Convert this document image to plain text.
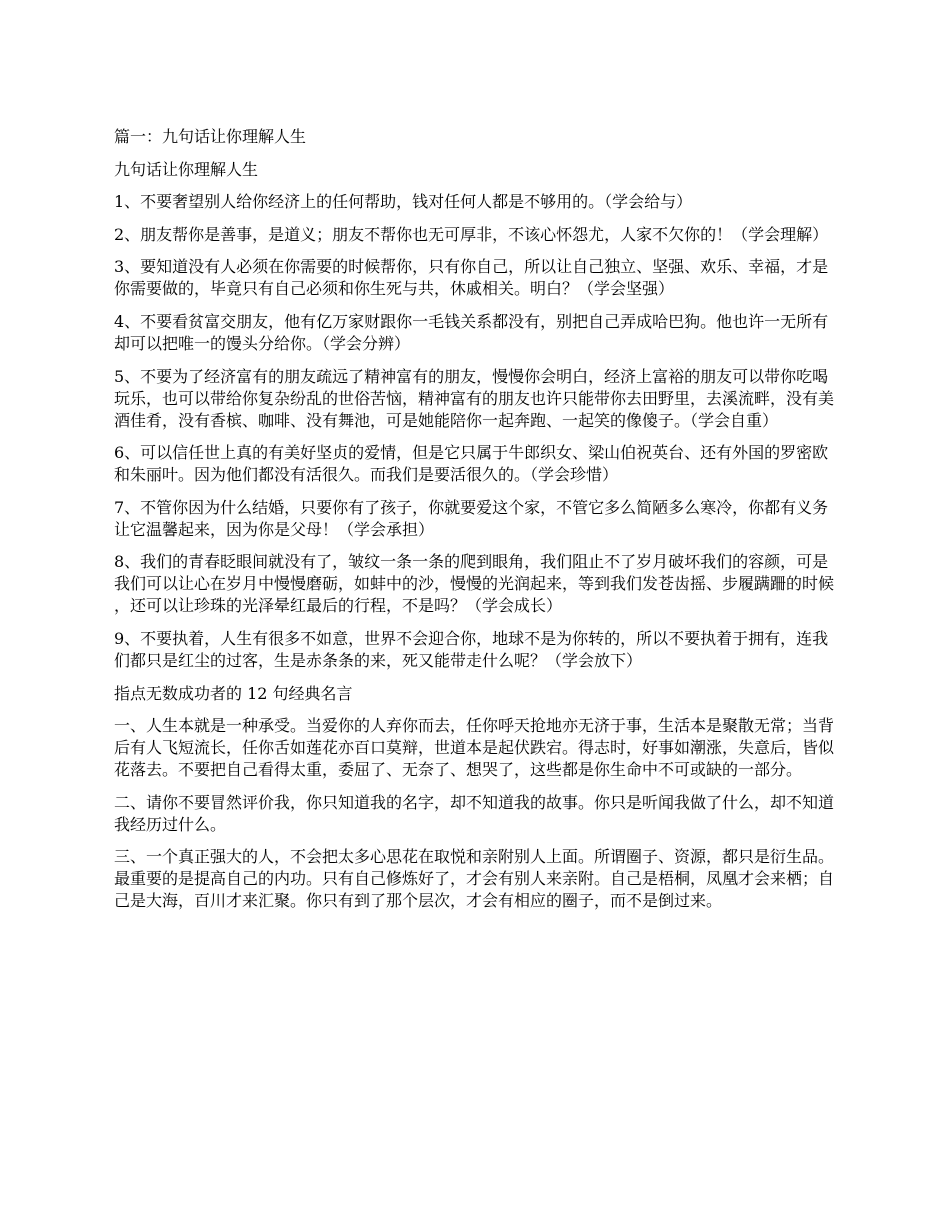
篇一：九句话让你理解人生

九句话让你理解人生

1、不要奢望别人给你经济上的任何帮助，钱对任何人都是不够用的。（学会给与）

2、朋友帮你是善事，是道义；朋友不帮你也无可厚非，不该心怀怨尤，人家不欠你的！（学会理解）

3、要知道没有人必须在你需要的时候帮你，只有你自己，所以让自己独立、坚强、欢乐、幸福，才是你需要做的，毕竟只有自己必须和你生死与共，休戚相关。明白？（学会坚强）

4、不要看贫富交朋友，他有亿万家财跟你一毛钱关系都没有，别把自己弄成哈巴狗。他也许一无所有却可以把唯一的馒头分给你。（学会分辨）

5、不要为了经济富有的朋友疏远了精神富有的朋友，慢慢你会明白，经济上富裕的朋友可以带你吃喝玩乐，也可以带给你复杂纷乱的世俗苦恼，精神富有的朋友也许只能带你去田野里，去溪流畔，没有美酒佳肴，没有香槟、咖啡、没有舞池，可是她能陪你一起奔跑、一起笑的像傻子。（学会自重）

6、可以信任世上真的有美好坚贞的爱情，但是它只属于牛郎织女、梁山伯祝英台、还有外国的罗密欧和朱丽叶。因为他们都没有活很久。而我们是要活很久的。（学会珍惜）

7、不管你因为什么结婚，只要你有了孩子，你就要爱这个家，不管它多么简陋多么寒冷，你都有义务让它温馨起来，因为你是父母！（学会承担）

8、我们的青春眨眼间就没有了，皱纹一条一条的爬到眼角，我们阻止不了岁月破坏我们的容颜，可是我们可以让心在岁月中慢慢磨砺，如蚌中的沙，慢慢的光润起来，等到我们发苍齿摇、步履蹒跚的时候，还可以让珍珠的光泽晕红最后的行程，不是吗？（学会成长）

9、不要执着，人生有很多不如意，世界不会迎合你，地球不是为你转的，所以不要执着于拥有，连我们都只是红尘的过客，生是赤条条的来，死又能带走什么呢？（学会放下）

指点无数成功者的 12 句经典名言

一、人生本就是一种承受。当爱你的人弃你而去，任你呼天抢地亦无济于事，生活本是聚散无常；当背后有人飞短流长，任你舌如莲花亦百口莫辩，世道本是起伏跌宕。得志时，好事如潮涨，失意后，皆似花落去。不要把自己看得太重，委屈了、无奈了、想哭了，这些都是你生命中不可或缺的一部分。

二、请你不要冒然评价我，你只知道我的名字，却不知道我的故事。你只是听闻我做了什么，却不知道我经历过什么。

三、一个真正强大的人，不会把太多心思花在取悦和亲附别人上面。所谓圈子、资源，都只是衍生品。最重要的是提高自己的内功。只有自己修炼好了，才会有别人来亲附。自己是梧桐，凤凰才会来栖；自己是大海，百川才来汇聚。你只有到了那个层次，才会有相应的圈子，而不是倒过来。
